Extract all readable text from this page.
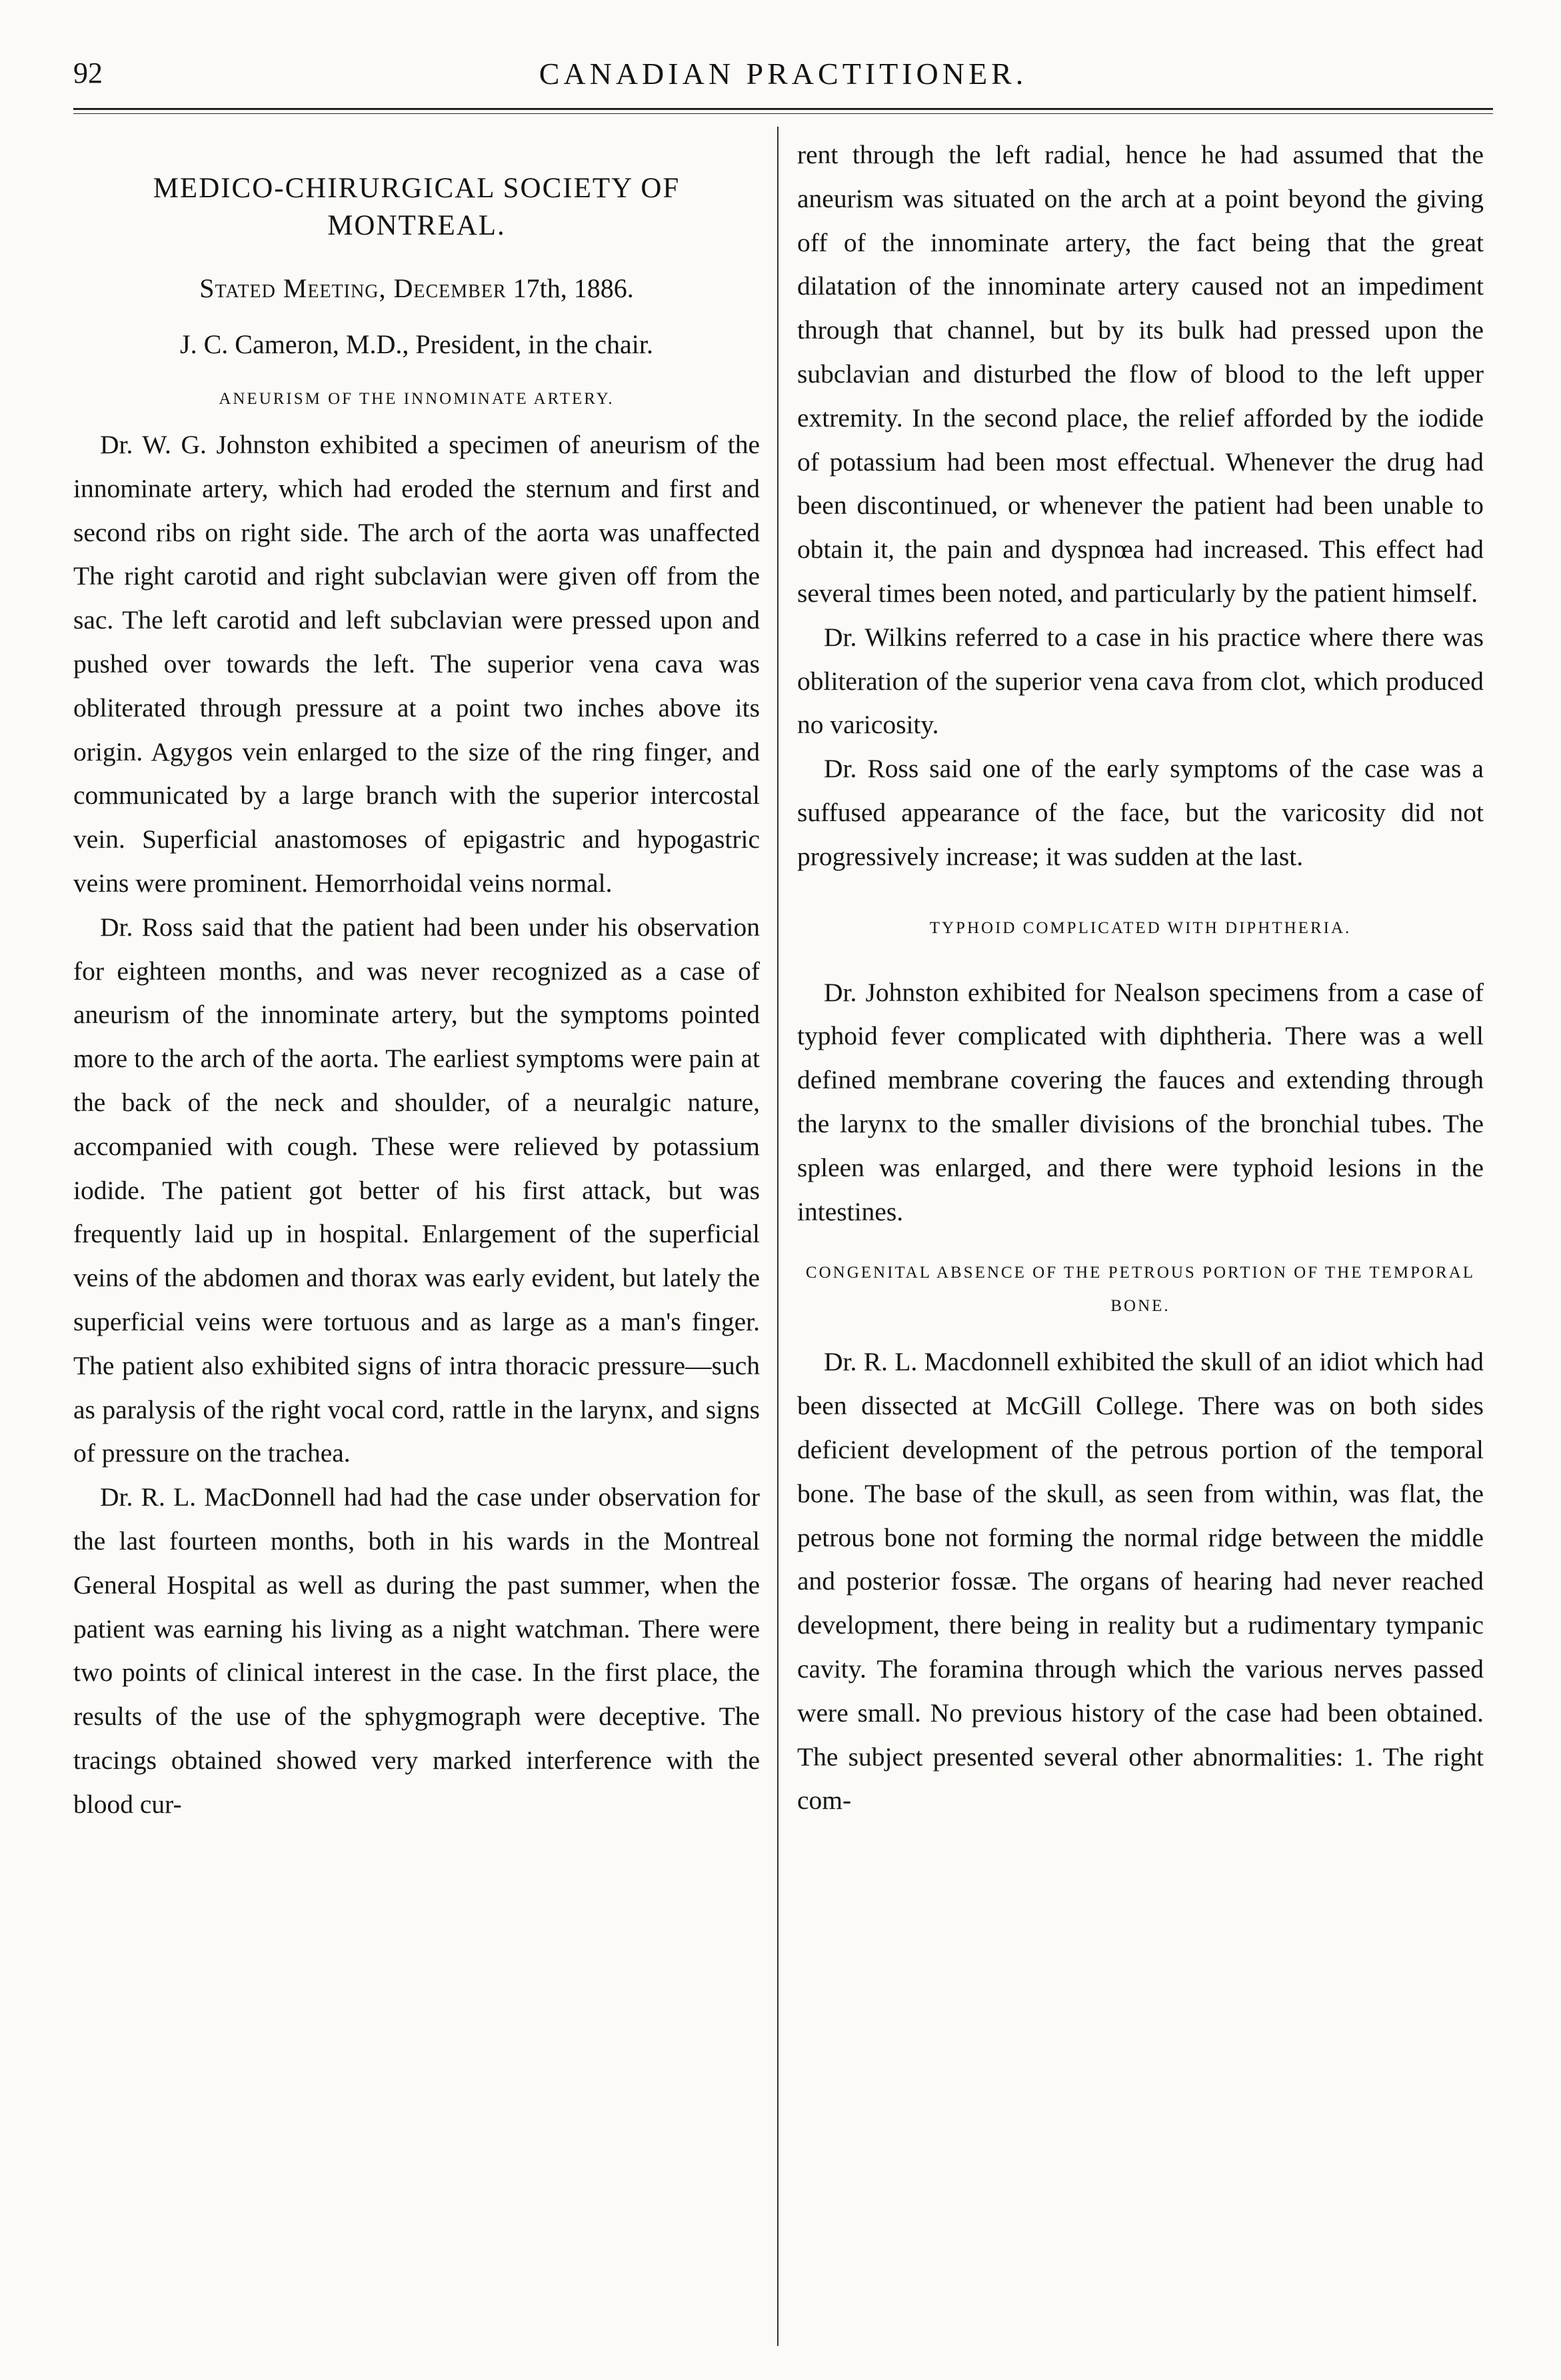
92	CANADIAN PRACTITIONER.
MEDICO-CHIRURGICAL SOCIETY OF MONTREAL.
Stated Meeting, December 17th, 1886.
J. C. Cameron, M.D., President, in the chair.
ANEURISM OF THE INNOMINATE ARTERY.

Dr. W. G. Johnston exhibited a specimen of aneurism of the innominate artery, which had eroded the sternum and first and second ribs on right side. The arch of the aorta was unaffected The right carotid and right subclavian were given off from the sac. The left carotid and left subclavian were pressed upon and pushed over towards the left. The superior vena cava was obliterated through pressure at a point two inches above its origin. Agygos vein enlarged to the size of the ring finger, and communicated by a large branch with the superior intercostal vein. Superficial anastomoses of epigastric and hypogastric veins were prominent. Hemorrhoidal veins normal.

Dr. Ross said that the patient had been under his observation for eighteen months, and was never recognized as a case of aneurism of the innominate artery, but the symptoms pointed more to the arch of the aorta. The earliest symptoms were pain at the back of the neck and shoulder, of a neuralgic nature, accompanied with cough. These were relieved by potassium iodide. The patient got better of his first attack, but was frequently laid up in hospital. Enlargement of the superficial veins of the abdomen and thorax was early evident, but lately the superficial veins were tortuous and as large as a man's finger. The patient also exhibited signs of intra thoracic pressure—such as paralysis of the right vocal cord, rattle in the larynx, and signs of pressure on the trachea.

Dr. R. L. MacDonnell had had the case under observation for the last fourteen months, both in his wards in the Montreal General Hospital as well as during the past summer, when the patient was earning his living as a night watchman. There were two points of clinical interest in the case. In the first place, the results of the use of the sphygmograph were deceptive. The tracings obtained showed very marked interference with the blood cur-

rent through the left radial, hence he had assumed that the aneurism was situated on the arch at a point beyond the giving off of the innominate artery, the fact being that the great dilatation of the innominate artery caused not an impediment through that channel, but by its bulk had pressed upon the subclavian and disturbed the flow of blood to the left upper extremity. In the second place, the relief afforded by the iodide of potassium had been most effectual. Whenever the drug had been discontinued, or whenever the patient had been unable to obtain it, the pain and dyspnœa had increased. This effect had several times been noted, and particularly by the patient himself.

Dr. Wilkins referred to a case in his practice where there was obliteration of the superior vena cava from clot, which produced no varicosity.

Dr. Ross said one of the early symptoms of the case was a suffused appearance of the face, but the varicosity did not progressively increase; it was sudden at the last.

TYPHOID COMPLICATED WITH DIPHTHERIA.

Dr. Johnston exhibited for Nealson specimens from a case of typhoid fever complicated with diphtheria. There was a well defined membrane covering the fauces and extending through the larynx to the smaller divisions of the bronchial tubes. The spleen was enlarged, and there were typhoid lesions in the intestines.

CONGENITAL ABSENCE OF THE PETROUS PORTION OF THE TEMPORAL BONE.

Dr. R. L. Macdonnell exhibited the skull of an idiot which had been dissected at McGill College. There was on both sides deficient development of the petrous portion of the temporal bone. The base of the skull, as seen from within, was flat, the petrous bone not forming the normal ridge between the middle and posterior fossæ. The organs of hearing had never reached development, there being in reality but a rudimentary tympanic cavity. The foramina through which the various nerves passed were small. No previous history of the case had been obtained. The subject presented several other abnormalities: 1. The right com-
